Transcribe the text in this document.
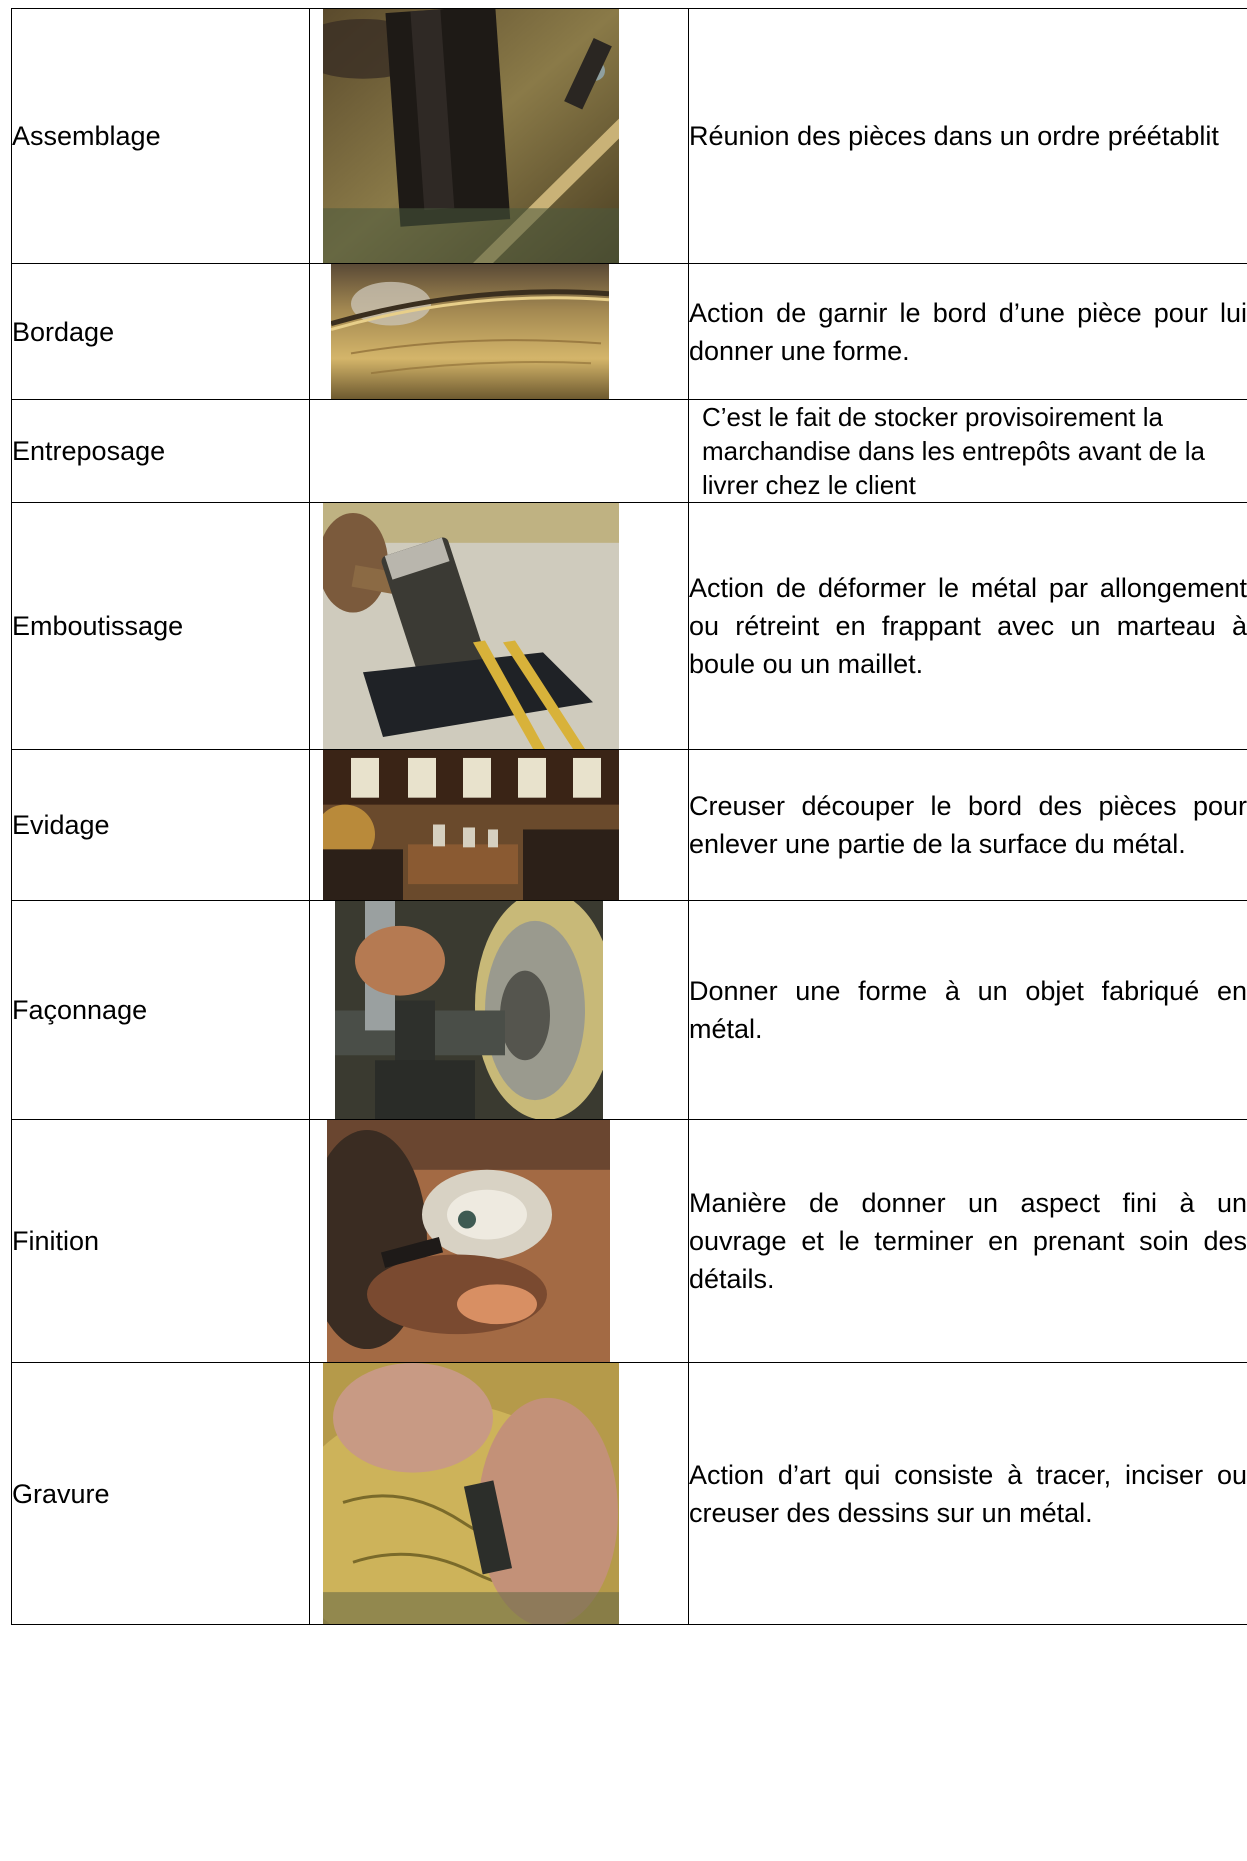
Assemblage		Réunion des pièces dans un ordre préétablit
Bordage		Action de garnir le bord d’une pièce pour lui donner une forme.
Entreposage		C’est le fait de stocker provisoirement la marchandise dans les entrepôts avant de la livrer chez le client
Emboutissage		Action de déformer le métal par allongement ou rétreint en frappant avec un marteau à boule ou un maillet.
Evidage		Creuser découper le bord des pièces pour enlever une partie de la surface du métal.
Façonnage		Donner une forme à un objet fabriqué en métal.
Finition		Manière de donner un aspect fini à un ouvrage et le terminer en prenant soin des détails.
Gravure		Action d’art qui consiste à tracer, inciser ou creuser des dessins sur un métal.
